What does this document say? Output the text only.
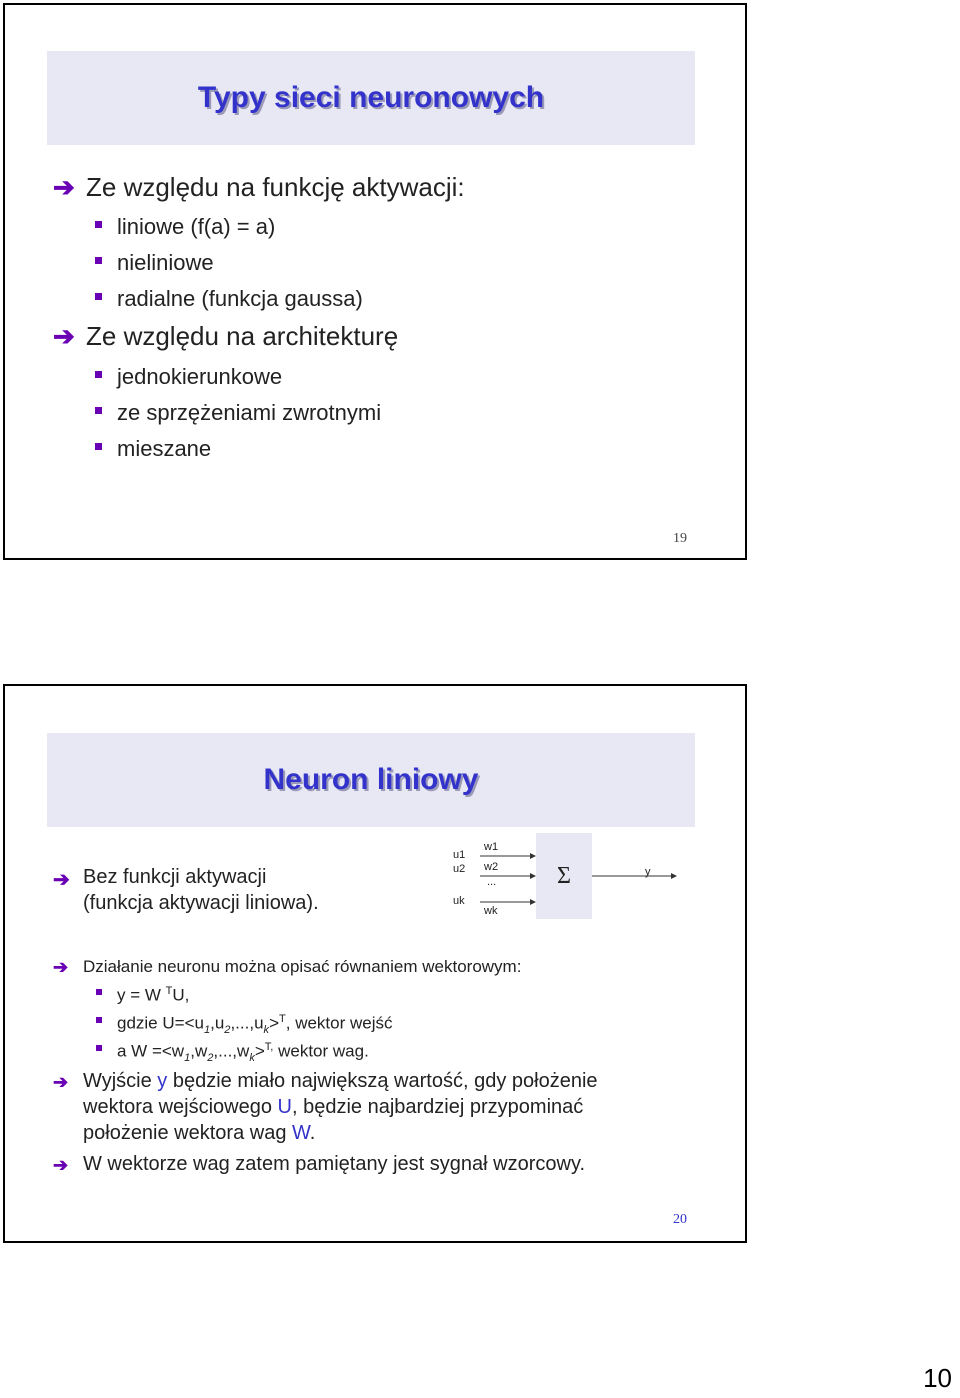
Typy sieci neuronowych
➔ Ze względu na funkcję aktywacji:
liniowe (f(a) = a)
nieliniowe
radialne (funkcja gaussa)
➔ Ze względu na architekturę
jednokierunkowe
ze sprzężeniami zwrotnymi
mieszane
19
Neuron liniowy
➔ Bez funkcji aktywacji
(funkcja aktywacji liniowa).
u1
u2
uk
w1
w2
...
wk
Σ	y
➔ Działanie neuronu można opisać równaniem wektorowym:
y = W $^T$U,
gdzie $U=<u_1,u_2,...,u_k>^T$, wektor wejść
a $W =<w_1,w_2,...,w_k>^{T,}$ wektor wag.
➔ Wyjście y będzie miało największą wartość, gdy położenie
wektora wejściowego U, będzie najbardziej przypominać
położenie wektora wag W.
➔ W wektorze wag zatem pamiętany jest sygnał wzorcowy.
20
10
